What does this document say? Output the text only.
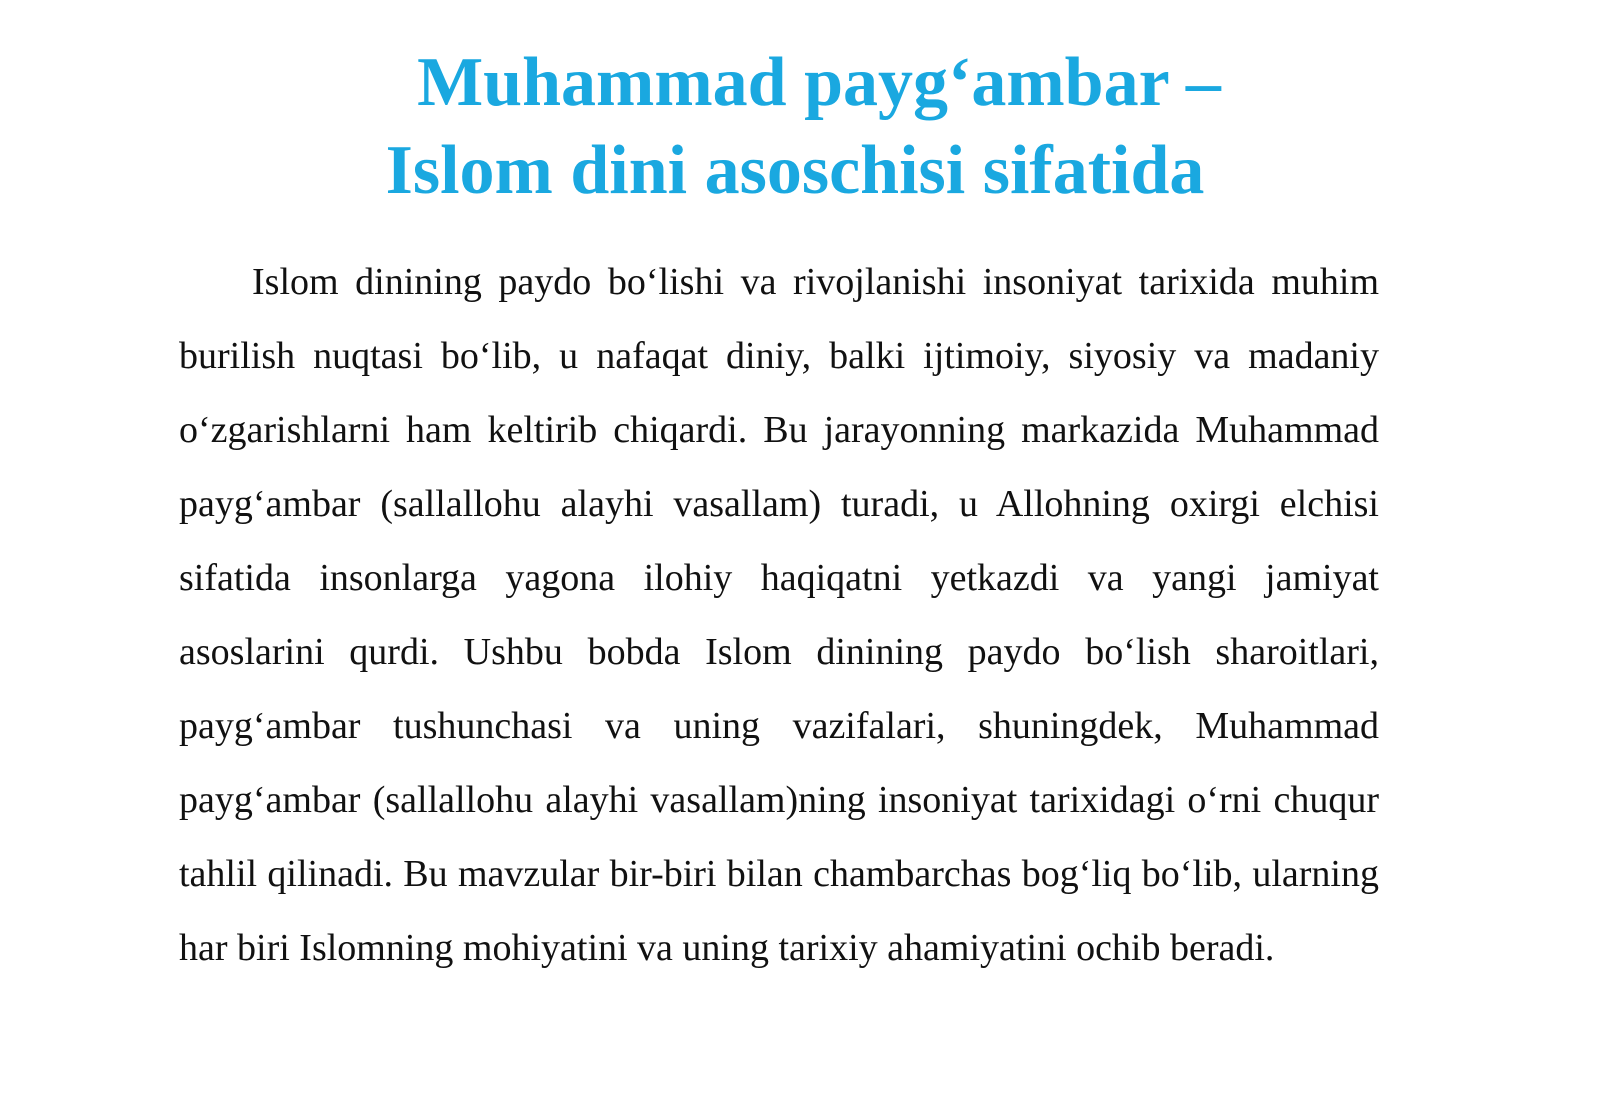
Muhammad payg‘ambar –
Islom dini asoschisi sifatida

Islom dinining paydo bo‘lishi va rivojlanishi insoniyat tarixida muhim burilish nuqtasi bo‘lib, u nafaqat diniy, balki ijtimoiy, siyosiy va madaniy o‘zgarishlarni ham keltirib chiqardi. Bu jarayonning markazida Muhammad payg‘ambar (sallallohu alayhi vasallam) turadi, u Allohning oxirgi elchisi sifatida insonlarga yagona ilohiy haqiqatni yetkazdi va yangi jamiyat asoslarini qurdi. Ushbu bobda Islom dinining paydo bo‘lish sharoitlari, payg‘ambar tushunchasi va uning vazifalari, shuningdek, Muhammad payg‘ambar (sallallohu alayhi vasallam)ning insoniyat tarixidagi o‘rni chuqur tahlil qilinadi. Bu mavzular bir-biri bilan chambarchas bog‘liq bo‘lib, ularning har biri Islomning mohiyatini va uning tarixiy ahamiyatini ochib beradi.
